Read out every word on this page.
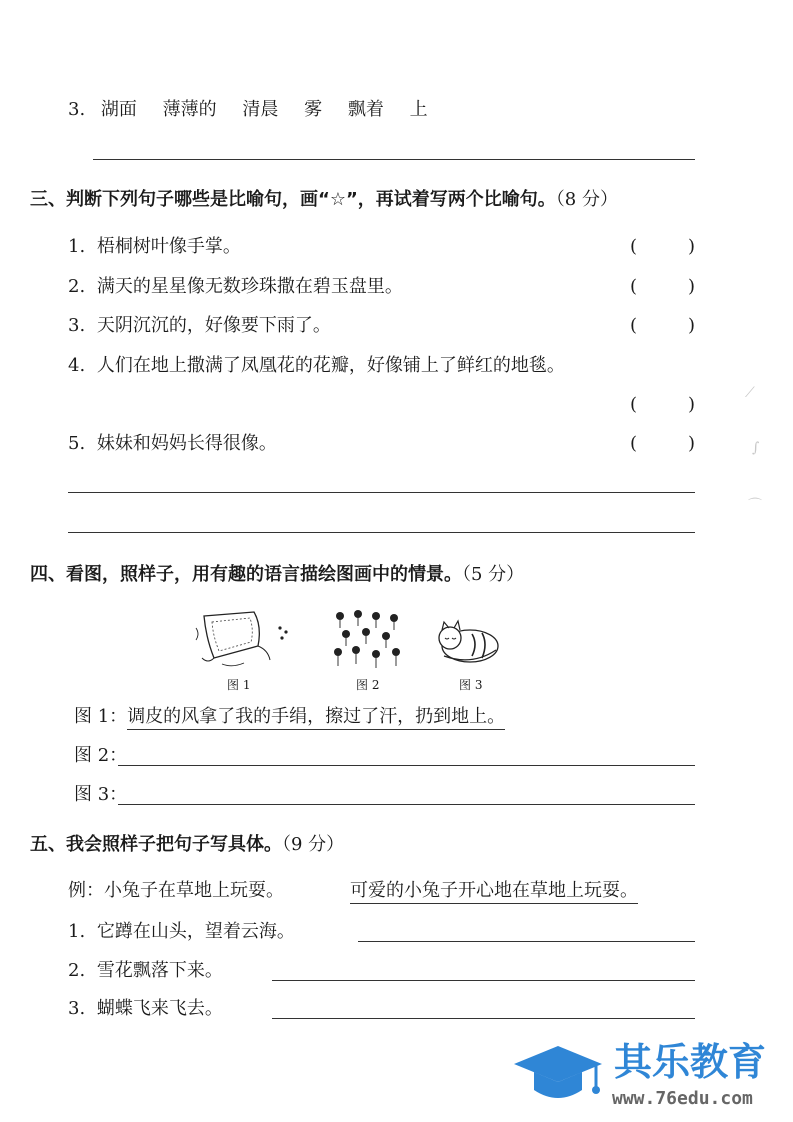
3. 湖面 薄薄的 清晨 雾 飘着 上
三、判断下列句子哪些是比喻句，画“☆”，再试着写两个比喻句。（8 分）
1. 梧桐树叶像手掌。	(	)
2. 满天的星星像无数珍珠撒在碧玉盘里。	(	)
3. 天阴沉沉的，好像要下雨了。	(	)
4. 人们在地上撒满了凤凰花的花瓣，好像铺上了鲜红的地毯。
(	)
5. 妹妹和妈妈长得很像。	(	)
⟋
∫
⌒
四、看图，照样子，用有趣的语言描绘图画中的情景。（5 分）
图 1	图 2	图 3
图 1：调皮的风拿了我的手绢，擦过了汗，扔到地上。
图 2：
图 3：
五、我会照样子把句子写具体。（9 分）
例：小兔子在草地上玩耍。	可爱的小兔子开心地在草地上玩耍。
1. 它蹲在山头，望着云海。
2. 雪花飘落下来。
3. 蝴蝶飞来飞去。
其乐教育
www.76edu.com
